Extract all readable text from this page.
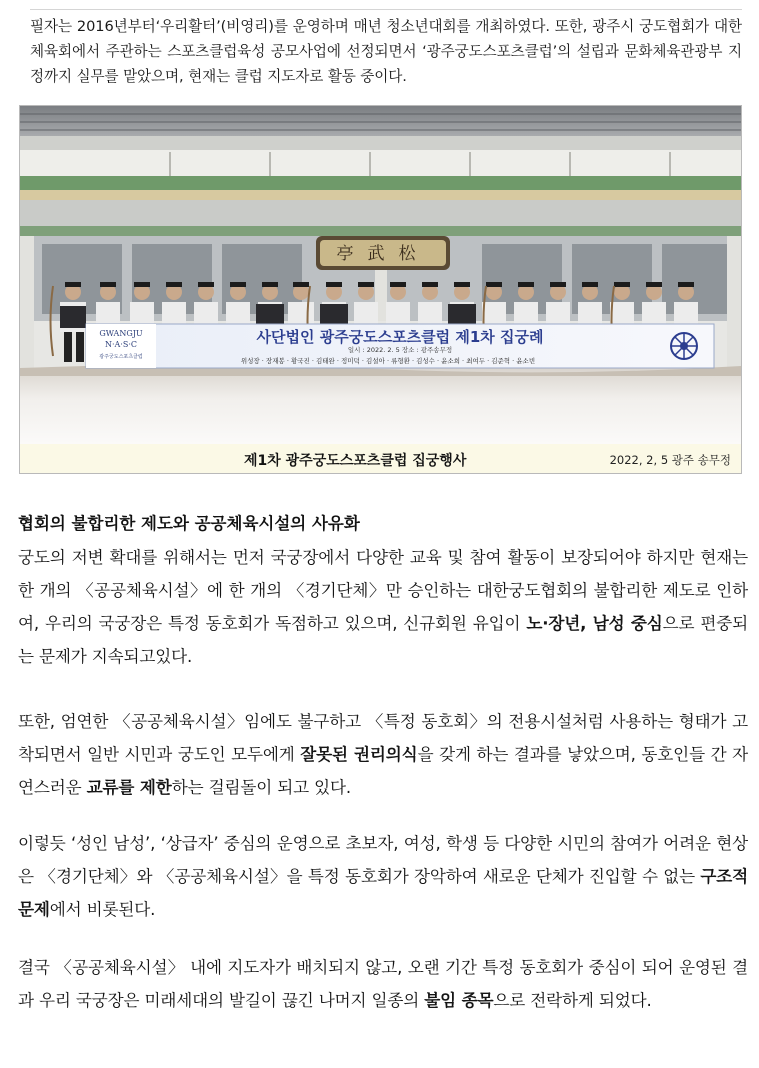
필자는 2016년부터‘우리활터’(비영리)를 운영하며 매년 청소년대회를 개최하였다. 또한, 광주시 궁도협회가 대한체육회에서 주관하는 스포츠클럽육성 공모사업에 선정되면서 ‘광주궁도스포츠클럽’의 설립과 문화체육관광부 지정까지 실무를 맡았으며, 현재는 클럽 지도자로 활동 중이다.
亭武松
GWANGJU
N·A·S·C
광주궁도스포츠클럽
사단법인 광주궁도스포츠클럽 제1차 집궁례
일시 : 2022. 2. 5 장소 : 광주송무정
위성장 · 장재봉 · 황국진 · 김태완 · 정미덕 · 김설아 · 류형환 · 김성수 · 윤소희 · 최여두 · 김준혁 · 윤소빈
제1차 광주궁도스포츠클럽 집궁행사	2022, 2, 5 광주 송무정
협회의 불합리한 제도와 공공체육시설의 사유화
궁도의 저변 확대를 위해서는 먼저 국궁장에서 다양한 교육 및 참여 활동이 보장되어야 하지만 현재는 한 개의 〈공공체육시설〉에 한 개의 〈경기단체〉만 승인하는 대한궁도협회의 불합리한 제도로 인하여, 우리의 국궁장은 특정 동호회가 독점하고 있으며, 신규회원 유입이 노·장년, 남성 중심으로 편중되는 문제가 지속되고있다.
또한, 엄연한 〈공공체육시설〉임에도 불구하고 〈특정 동호회〉의 전용시설처럼 사용하는 형태가 고착되면서 일반 시민과 궁도인 모두에게 잘못된 권리의식을 갖게 하는 결과를 낳았으며, 동호인들 간 자연스러운 교류를 제한하는 걸림돌이 되고 있다.
이렇듯 ‘성인 남성’, ‘상급자’ 중심의 운영으로 초보자, 여성, 학생 등 다양한 시민의 참여가 어려운 현상은 〈경기단체〉와 〈공공체육시설〉을 특정 동호회가 장악하여 새로운 단체가 진입할 수 없는 구조적 문제에서 비롯된다.
결국 〈공공체육시설〉 내에 지도자가 배치되지 않고, 오랜 기간 특정 동호회가 중심이 되어 운영된 결과 우리 국궁장은 미래세대의 발길이 끊긴 나머지 일종의 불임 종목으로 전락하게 되었다.
